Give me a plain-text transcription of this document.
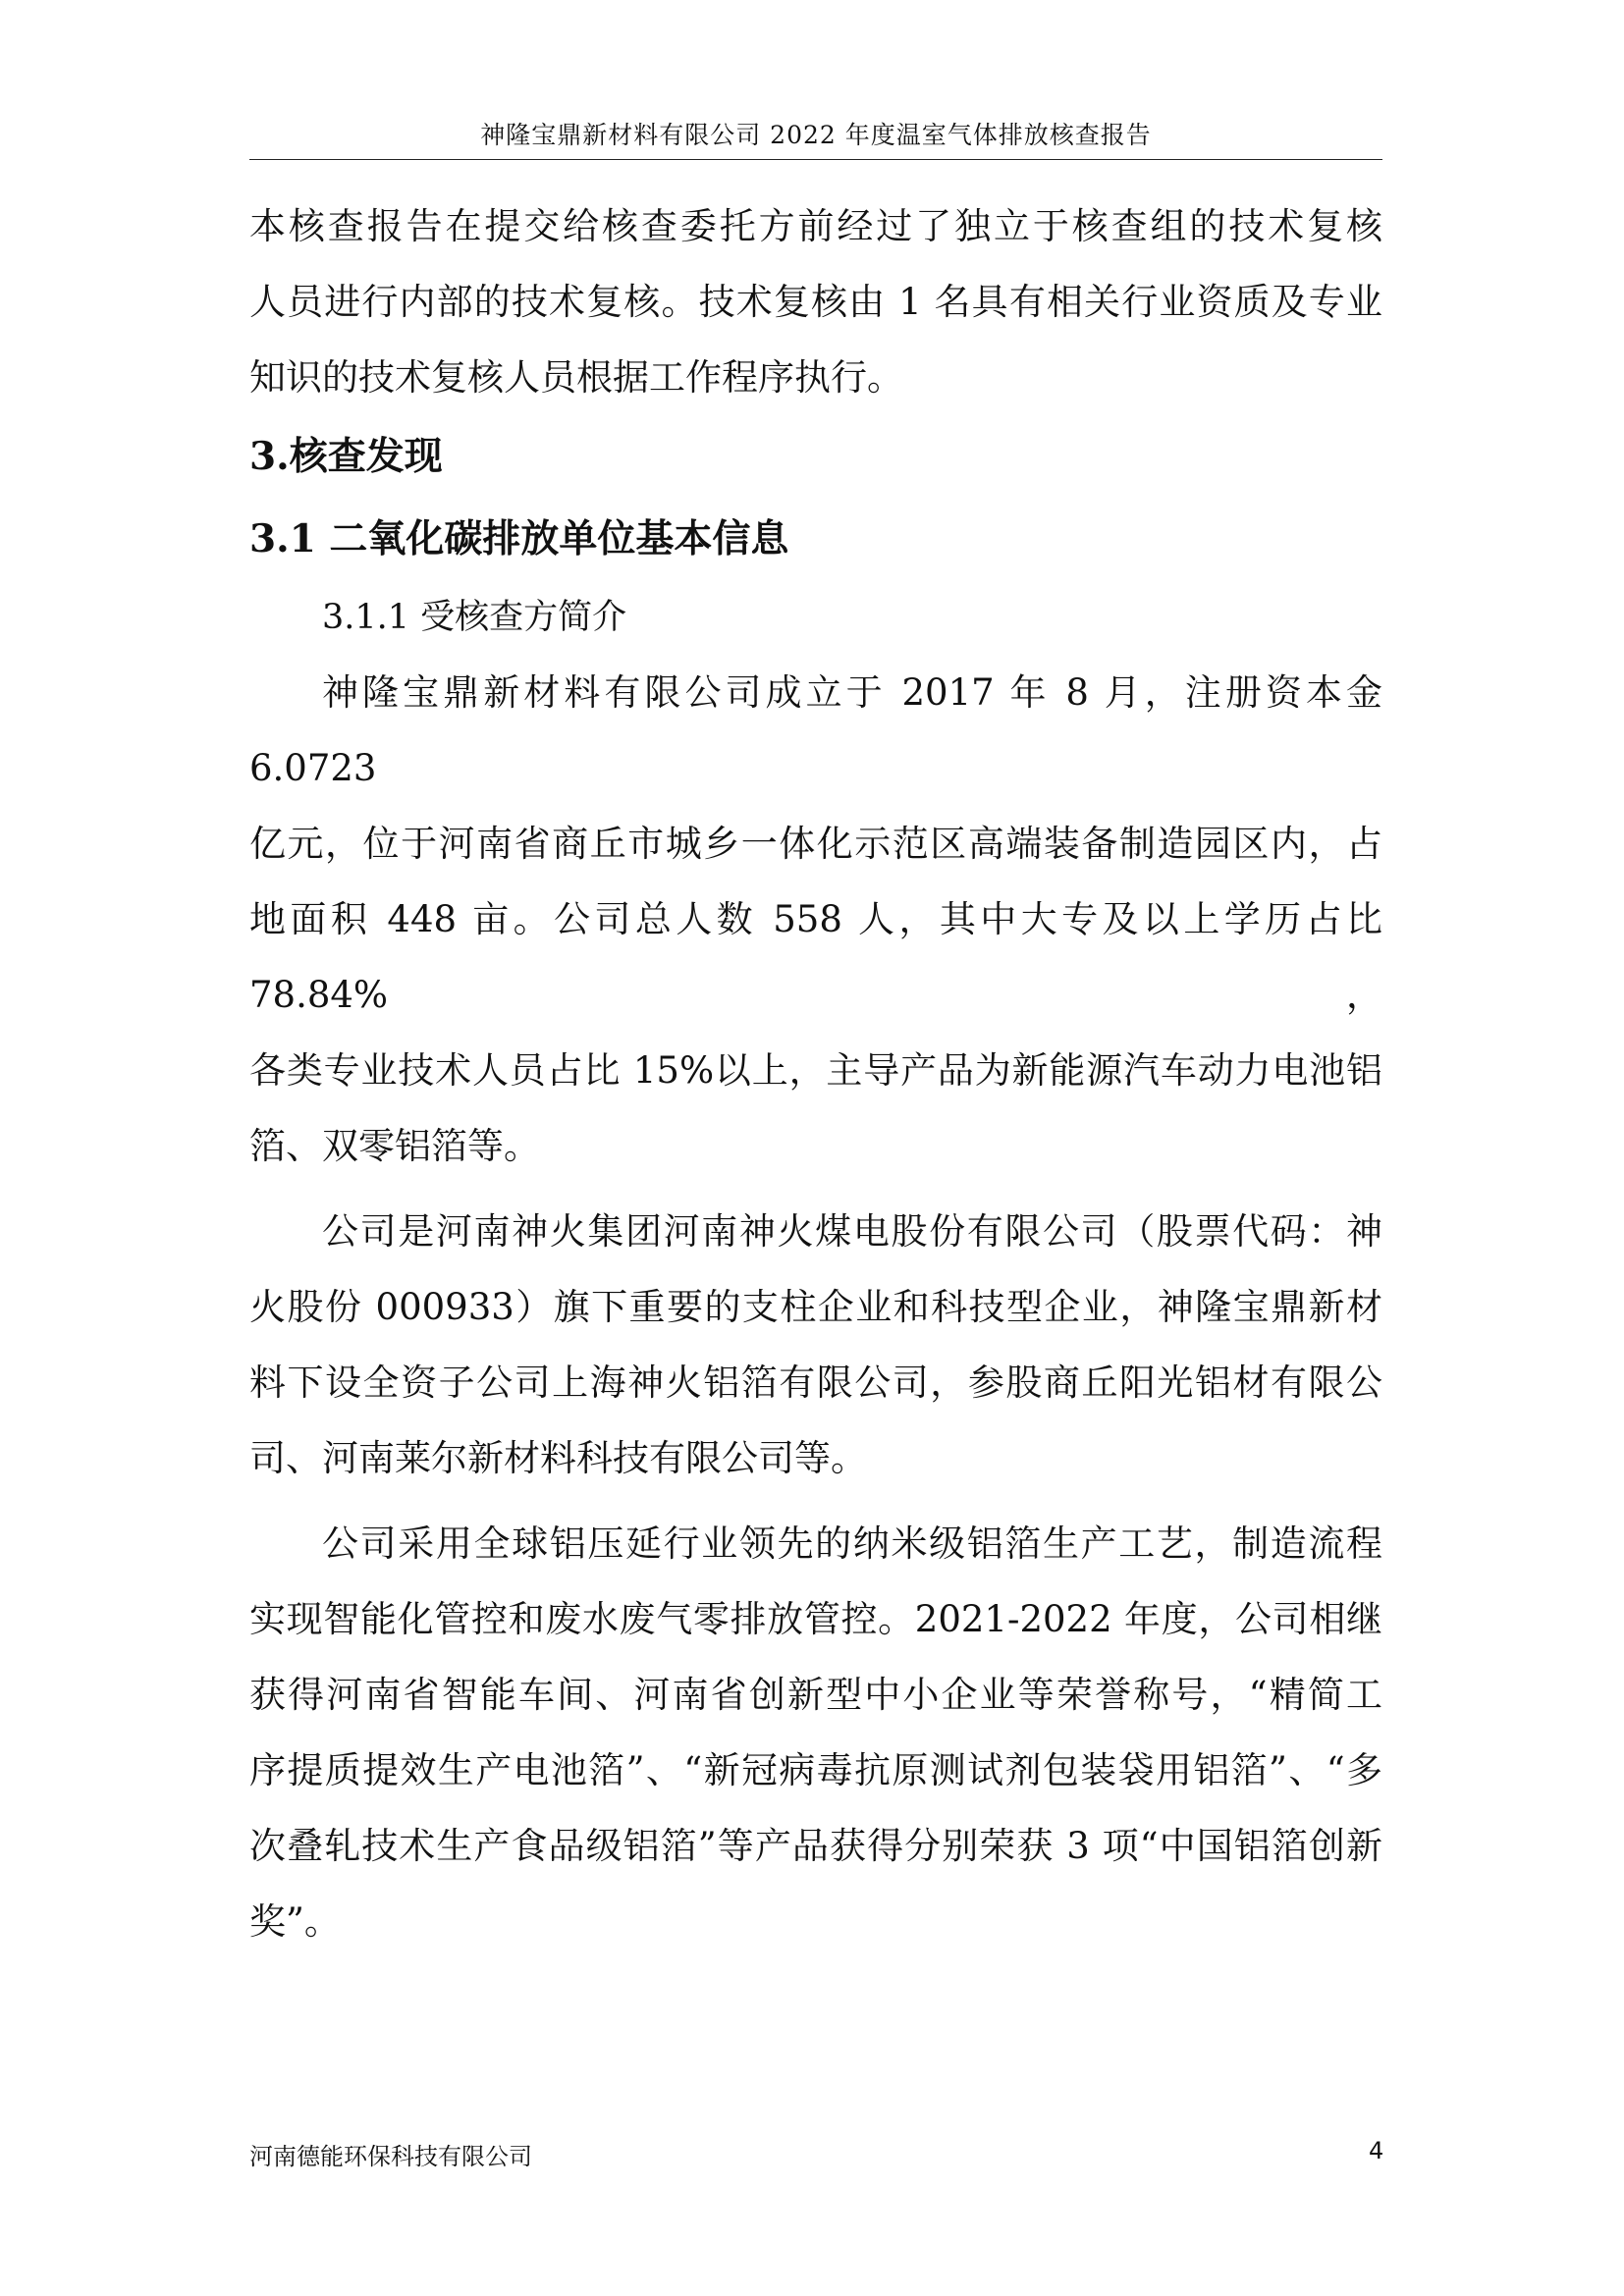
神隆宝鼎新材料有限公司 2022 年度温室气体排放核查报告

本核查报告在提交给核查委托方前经过了独立于核查组的技术复核

人员进行内部的技术复核。技术复核由 1 名具有相关行业资质及专业

知识的技术复核人员根据工作程序执行。

3.核查发现

3.1 二氧化碳排放单位基本信息

3.1.1 受核查方简介

神隆宝鼎新材料有限公司成立于 2017 年 8 月，注册资本金 6.0723

亿元，位于河南省商丘市城乡一体化示范区高端装备制造园区内，占

地面积 448 亩。公司总人数 558 人，其中大专及以上学历占比 78.84%，

各类专业技术人员占比 15%以上，主导产品为新能源汽车动力电池铝

箔、双零铝箔等。

公司是河南神火集团河南神火煤电股份有限公司（股票代码：神

火股份 000933）旗下重要的支柱企业和科技型企业，神隆宝鼎新材

料下设全资子公司上海神火铝箔有限公司，参股商丘阳光铝材有限公

司、河南莱尔新材料科技有限公司等。

公司采用全球铝压延行业领先的纳米级铝箔生产工艺，制造流程

实现智能化管控和废水废气零排放管控。2021-2022 年度，公司相继

获得河南省智能车间、河南省创新型中小企业等荣誉称号，“精简工

序提质提效生产电池箔”、“新冠病毒抗原测试剂包装袋用铝箔”、“多

次叠轧技术生产食品级铝箔”等产品获得分别荣获 3 项“中国铝箔创新

奖”。

河南德能环保科技有限公司	4
